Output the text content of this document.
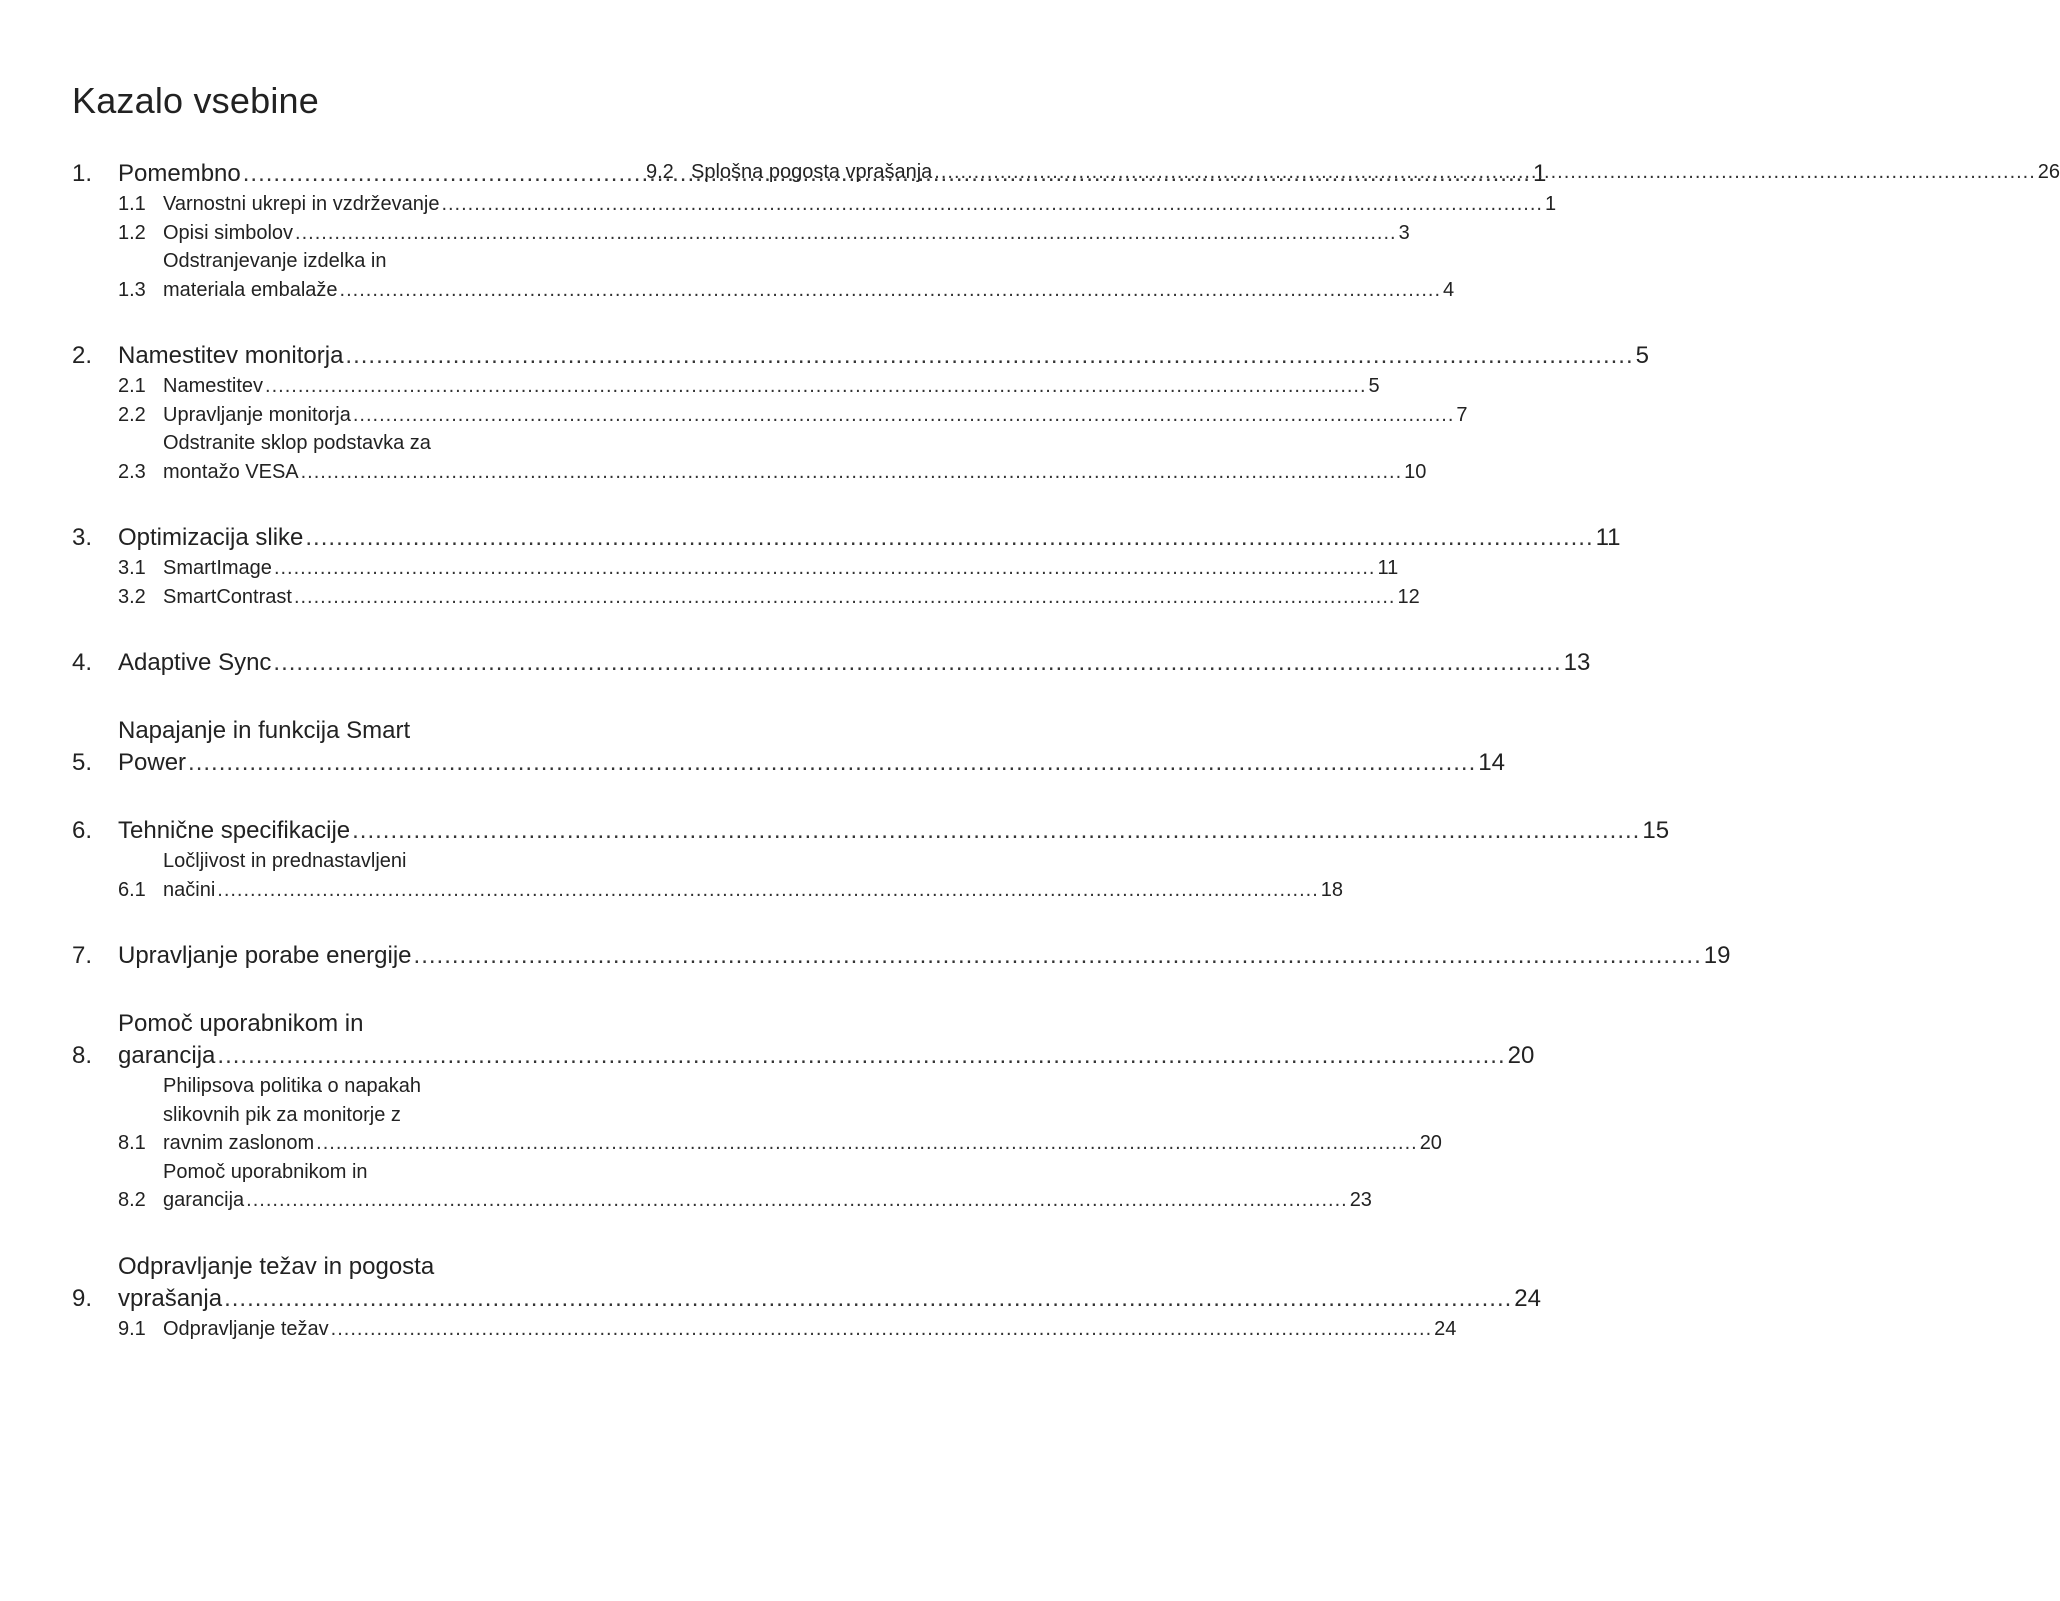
Kazalo vsebine
1.	Pomembno .....	1
1.1 Varnostni ukrepi in vzdrževanje .....	1
1.2 Opisi simbolov .....	3
1.3
Odstranjevanje izdelka in
materiala embalaže .....	4
2.	Namestitev monitorja .....	5
2.1 Namestitev .....	5
2.2 Upravljanje monitorja .....	7
2.3
Odstranite sklop podstavka za
montažo VESA .....	10
3.	Optimizacija slike .....	11
3.1 SmartImage .....	11
3.2 SmartContrast .....	12
4.	Adaptive Sync .....	13
5.
Napajanje in funkcija Smart
Power .....	14
6.	Tehnične specifikacije .....	15
6.1
Ločljivost in prednastavljeni
načini .....	18
7.	Upravljanje porabe energije .....	19
8.
Pomoč uporabnikom in
garancija .....	20
8.1
Philipsova politika o napakah
slikovnih pik za monitorje z
ravnim zaslonom .....	20
8.2
Pomoč uporabnikom in
garancija .....	23
9.
Odpravljanje težav in pogosta
vprašanja .....	24
9.1 Odpravljanje težav .....	24
9.2 Splošna pogosta vprašanja .....	26
